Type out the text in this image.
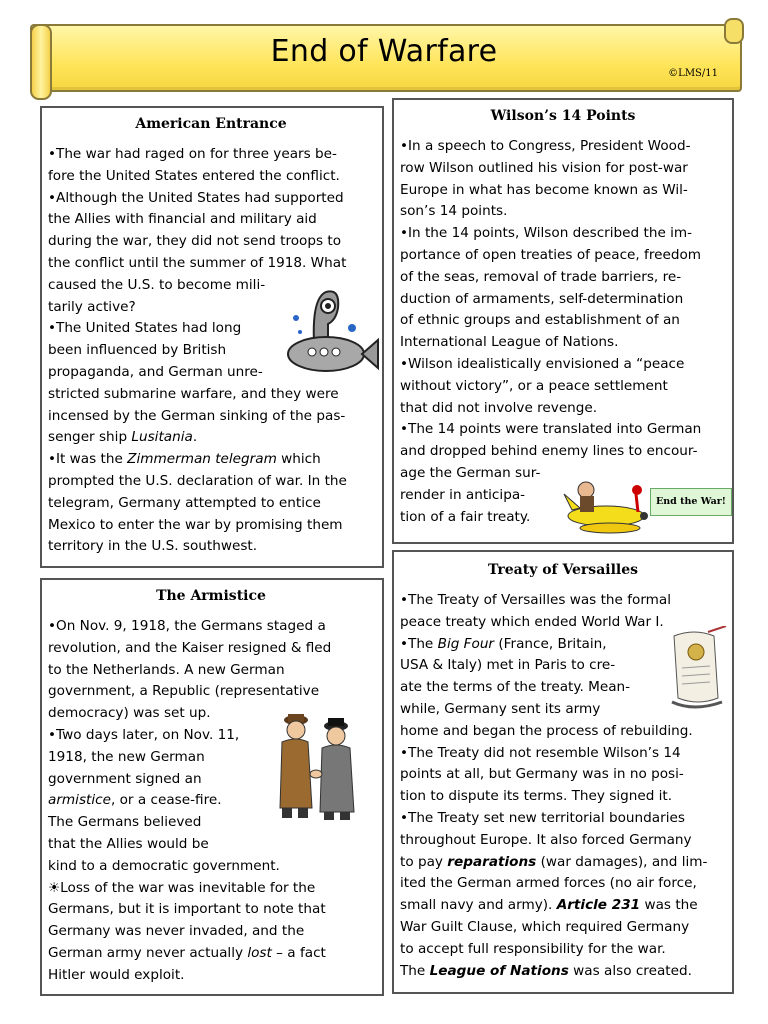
End of Warfare
©LMS/11
American Entrance

•The war had raged on for three years be-
fore the United States entered the conflict.
•Although the United States had supported
the Allies with financial and military aid
during the war, they did not send troops to
the conflict until the summer of 1918. What
caused the U.S. to become mili-
tarily active?
•The United States had long
been influenced by British
propaganda, and German unre-
stricted submarine warfare, and they were
incensed by the German sinking of the pas-
senger ship Lusitania.
•It was the Zimmerman telegram which
prompted the U.S. declaration of war. In the
telegram, Germany attempted to entice
Mexico to enter the war by promising them
territory in the U.S. southwest.

The Armistice

•On Nov. 9, 1918, the Germans staged a
revolution, and the Kaiser resigned & fled
to the Netherlands. A new German
government, a Republic (representative
democracy) was set up.
•Two days later, on Nov. 11,
1918, the new German
government signed an
armistice, or a cease-fire.
The Germans believed
that the Allies would be
kind to a democratic government.
☀Loss of the war was inevitable for the
Germans, but it is important to note that
Germany was never invaded, and the
German army never actually lost – a fact
Hitler would exploit.

Wilson’s 14 Points

•In a speech to Congress, President Wood-
row Wilson outlined his vision for post-war
Europe in what has become known as Wil-
son’s 14 points.
•In the 14 points, Wilson described the im-
portance of open treaties of peace, freedom
of the seas, removal of trade barriers, re-
duction of armaments, self-determination
of ethnic groups and establishment of an
International League of Nations.
•Wilson idealistically envisioned a “peace
without victory”, or a peace settlement
that did not involve revenge.
•The 14 points were translated into German
and dropped behind enemy lines to encour-
age the German sur-
render in anticipa-
tion of a fair treaty.

End the War!
Treaty of Versailles

•The Treaty of Versailles was the formal
peace treaty which ended World War I.
•The Big Four (France, Britain,
USA & Italy) met in Paris to cre-
ate the terms of the treaty. Mean-
while, Germany sent its army
home and began the process of rebuilding.
•The Treaty did not resemble Wilson’s 14
points at all, but Germany was in no posi-
tion to dispute its terms. They signed it.
•The Treaty set new territorial boundaries
throughout Europe. It also forced Germany
to pay reparations (war damages), and lim-
ited the German armed forces (no air force,
small navy and army). Article 231 was the
War Guilt Clause, which required Germany
to accept full responsibility for the war.
The League of Nations was also created.
